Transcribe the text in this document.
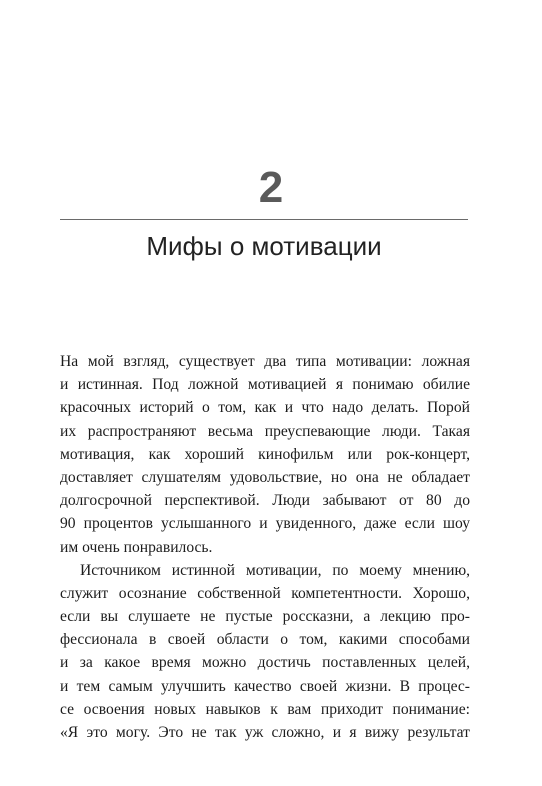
2
Мифы о мотивации
На мой взгляд, существует два типа мотивации: ложная
и истинная. Под ложной мотивацией я понимаю обилие
красочных историй о том, как и что надо делать. Порой
их распространяют весьма преуспевающие люди. Такая
мотивация, как хороший кинофильм или рок-концерт,
доставляет слушателям удовольствие, но она не обладает
долгосрочной перспективой. Люди забывают от 80 до
90 процентов услышанного и увиденного, даже если шоу
им очень понравилось.
Источником истинной мотивации, по моему мнению,
служит осознание собственной компетентности. Хорошо,
если вы слушаете не пустые россказни, а лекцию про-
фессионала в своей области о том, какими способами
и за какое время можно достичь поставленных целей,
и тем самым улучшить качество своей жизни. В процес-
се освоения новых навыков к вам приходит понимание:
«Я это могу. Это не так уж сложно, и я вижу результат
